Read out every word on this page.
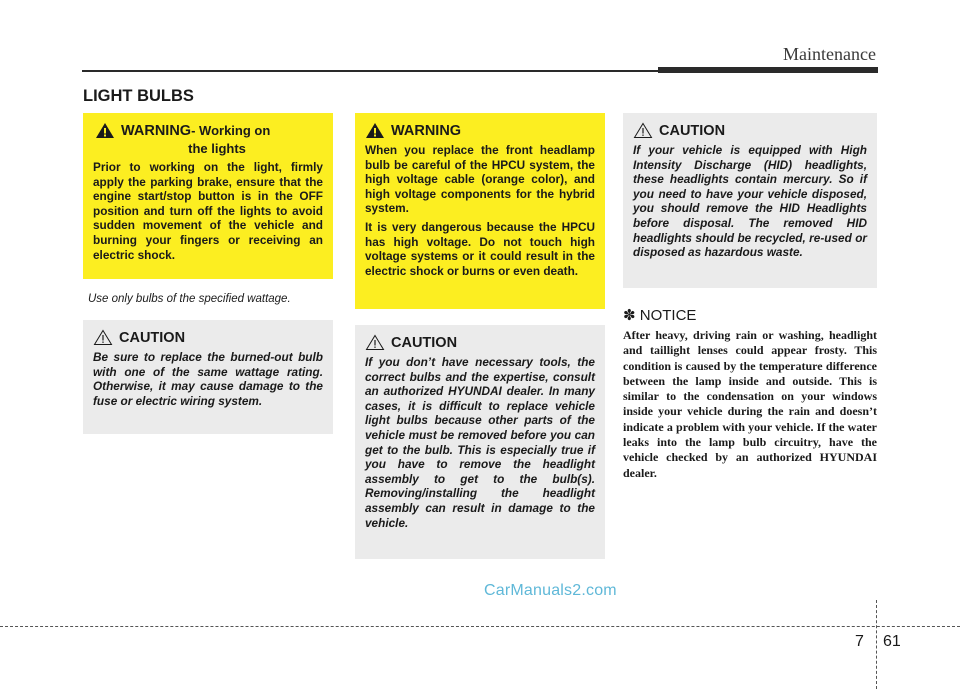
Maintenance
LIGHT BULBS
WARNING - Working on
the lights
Prior to working on the light, firmly apply the parking brake, ensure that the engine start/stop button is in the OFF position and turn off the lights to avoid sudden movement of the vehicle and burning your fingers or receiving an electric shock.
Use only bulbs of the specified wattage.
CAUTION
Be sure to replace the burned-out bulb with one of the same wattage rating. Otherwise, it may cause damage to the fuse or electric wiring system.
WARNING

When you replace the front headlamp bulb be careful of the HPCU system, the high voltage cable (orange color), and high voltage components for the hybrid system.

It is very dangerous because the HPCU has high voltage. Do not touch high voltage systems or it could result in the electric shock or burns or even death.

CAUTION
If you don’t have necessary tools, the correct bulbs and the expertise, consult an authorized HYUNDAI dealer. In many cases, it is difficult to replace vehicle light bulbs because other parts of the vehicle must be removed before you can get to the bulb. This is especially true if you have to remove the headlight assembly to get to the bulb(s). Removing/installing the headlight assembly can result in damage to the vehicle.
CAUTION
If your vehicle is equipped with High Intensity Discharge (HID) headlights, these headlights contain mercury. So if you need to have your vehicle disposed, you should remove the HID Headlights before disposal. The removed HID headlights should be recycled, re-used or disposed as hazardous waste.
✽ NOTICE
After heavy, driving rain or washing, headlight and taillight lenses could appear frosty. This condition is caused by the temperature difference between the lamp inside and outside. This is similar to the condensation on your windows inside your vehicle during the rain and doesn’t indicate a problem with your vehicle. If the water leaks into the lamp bulb circuitry, have the vehicle checked by an authorized HYUNDAI dealer.
CarManuals2.com
7 61
